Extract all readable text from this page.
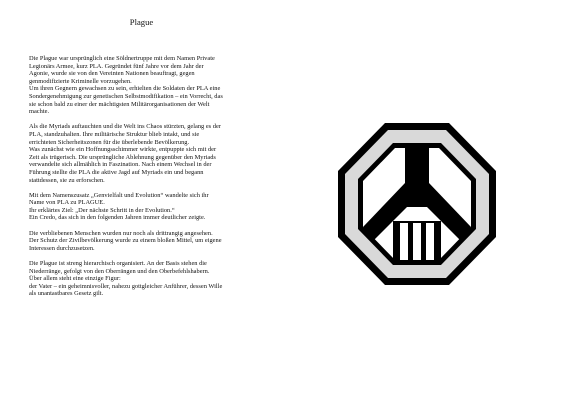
Plague

Die Plague war ursprünglich eine Söldnertruppe mit dem Namen Private
Legionärs Armee, kurz PLA. Gegründet fünf Jahre vor dem Jahr der
Agonie, wurde sie von den Vereinten Nationen beauftragt, gegen
genmodifizierte Kriminelle vorzugehen.
Um ihren Gegnern gewachsen zu sein, erhielten die Soldaten der PLA eine
Sondergenehmigung zur genetischen Selbstmodifikation – ein Vorrecht, das
sie schon bald zu einer der mächtigsten Militärorganisationen der Welt
machte.

Als die Myriads auftauchten und die Welt ins Chaos stürzten, gelang es der
PLA, standzuhalten. Ihre militärische Struktur blieb intakt, und sie
errichteten Sicherheitszonen für die überlebende Bevölkerung.
Was zunächst wie ein Hoffnungsschimmer wirkte, entpuppte sich mit der
Zeit als trügerisch. Die ursprüngliche Ablehnung gegenüber den Myriads
verwandelte sich allmählich in Faszination. Nach einem Wechsel in der
Führung stellte die PLA die aktive Jagd auf Myriads ein und begann
stattdessen, sie zu erforschen.

Mit dem Namenszusatz „Genvielfalt und Evolution“ wandelte sich ihr
Name von PLA zu PLAGUE.
Ihr erklärtes Ziel: „Der nächste Schritt in der Evolution.“
Ein Credo, das sich in den folgenden Jahren immer deutlicher zeigte.

Die verbliebenen Menschen wurden nur noch als drittrangig angesehen.
Der Schutz der Zivilbevölkerung wurde zu einem bloßen Mittel, um eigene
Interessen durchzusetzen.

Die Plague ist streng hierarchisch organisiert. An der Basis stehen die
Niederränge, gefolgt von den Oberrängen und den Oberbefehlshabern.
Über allem steht eine einzige Figur:
der Vater – ein geheimnisvoller, nahezu gottgleicher Anführer, dessen Wille
als unantastbares Gesetz gilt.
